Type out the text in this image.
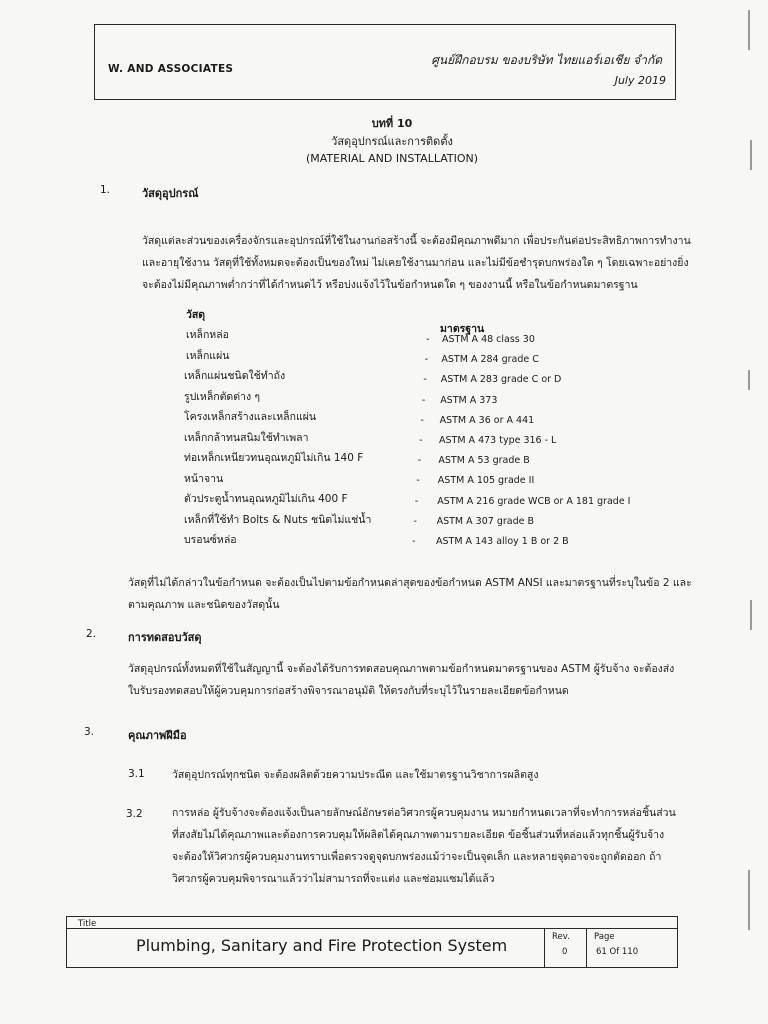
W. AND ASSOCIATES
ศูนย์ฝึกอบรม ของบริษัท ไทยแอร์เอเชีย จำกัด
July 2019
บทที่ 10
วัสดุอุปกรณ์และการติดตั้ง
(MATERIAL AND INSTALLATION)
1.	วัสดุอุปกรณ์
วัสดุแต่ละส่วนของเครื่องจักรและอุปกรณ์ที่ใช้ในงานก่อสร้างนี้ จะต้องมีคุณภาพดีมาก เพื่อประกันต่อประสิทธิภาพการทำงาน
และอายุใช้งาน วัสดุที่ใช้ทั้งหมดจะต้องเป็นของใหม่ ไม่เคยใช้งานมาก่อน และไม่มีข้อชำรุดบกพร่องใด ๆ โดยเฉพาะอย่างยิ่ง
จะต้องไม่มีคุณภาพต่ำกว่าที่ได้กำหนดไว้ หรือบ่งแจ้งไว้ในข้อกำหนดใด ๆ ของงานนี้ หรือในข้อกำหนดมาตรฐาน
วัสดุ
มาตรฐาน
เหล็กหล่อ	- ASTM A 48 class 30
เหล็กแผ่น	- ASTM A 284 grade C
เหล็กแผ่นชนิดใช้ทำถัง	- ASTM A 283 grade C or D
รูปเหล็กตัดต่าง ๆ	- ASTM A 373
โครงเหล็กสร้างและเหล็กแผ่น	- ASTM A 36 or A 441
เหล็กกล้าทนสนิมใช้ทำเพลา	- ASTM A 473 type 316 - L
ท่อเหล็กเหนียวทนอุณหภูมิไม่เกิน 140 F	- ASTM A 53 grade B
หน้าจาน	- ASTM A 105 grade II
ตัวประตูน้ำทนอุณหภูมิไม่เกิน 400 F	- ASTM A 216 grade WCB or A 181 grade I
เหล็กที่ใช้ทำ Bolts & Nuts ชนิดไม่แช่น้ำ	- ASTM A 307 grade B
บรอนซ์หล่อ	- ASTM A 143 alloy 1 B or 2 B
วัสดุที่ไม่ได้กล่าวในข้อกำหนด จะต้องเป็นไปตามข้อกำหนดล่าสุดของข้อกำหนด ASTM ANSI และมาตรฐานที่ระบุในข้อ 2 และ
ตามคุณภาพ และชนิดของวัสดุนั้น
2.	การทดสอบวัสดุ
วัสดุอุปกรณ์ทั้งหมดที่ใช้ในสัญญานี้ จะต้องได้รับการทดสอบคุณภาพตามข้อกำหนดมาตรฐานของ ASTM ผู้รับจ้าง จะต้องส่ง
ใบรับรองทดสอบให้ผู้ควบคุมการก่อสร้างพิจารณาอนุมัติ ให้ตรงกับที่ระบุไว้ในรายละเอียดข้อกำหนด
3.	คุณภาพฝีมือ
3.1	วัสดุอุปกรณ์ทุกชนิด จะต้องผลิตด้วยความประณีต และใช้มาตรฐานวิชาการผลิตสูง
3.2	การหล่อ ผู้รับจ้างจะต้องแจ้งเป็นลายลักษณ์อักษรต่อวิศวกรผู้ควบคุมงาน หมายกำหนดเวลาที่จะทำการหล่อชิ้นส่วน
ที่สงสัยไม่ได้คุณภาพและต้องการควบคุมให้ผลิตได้คุณภาพตามรายละเอียด ข้อชิ้นส่วนที่หล่อแล้วทุกชิ้นผู้รับจ้าง
จะต้องให้วิศวกรผู้ควบคุมงานทราบเพื่อตรวจดูจุดบกพร่องแม้ว่าจะเป็นจุดเล็ก และหลายจุดอาจจะถูกตัดออก ถ้า
วิศวกรผู้ควบคุมพิจารณาแล้วว่าไม่สามารถที่จะแต่ง และซ่อมแซมได้แล้ว
Title
Plumbing, Sanitary and Fire Protection System	Rev.
0
Page
61 Of 110
